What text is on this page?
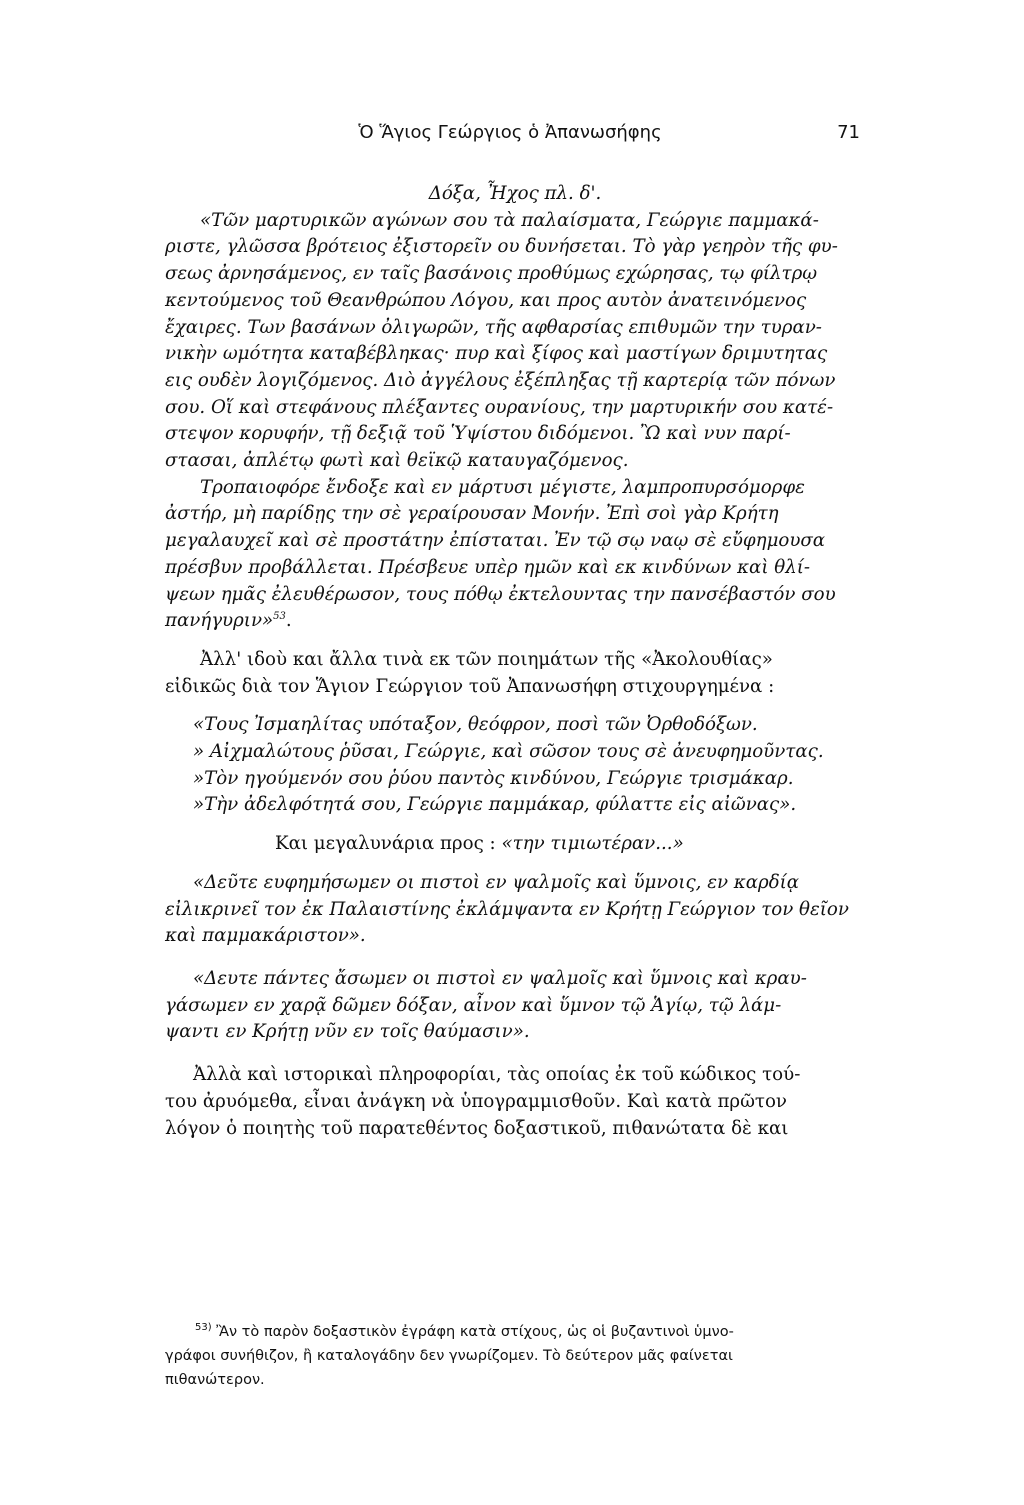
Ὁ Ἅγιος Γεώργιος ὁ Ἀπανωσήφης	71
Δόξα, Ἦχος πλ. δ'.
«Τῶν μαρτυρικῶν αγώνων σου τὰ παλαίσματα, Γεώργιε παμμακά-
ριστε, γλῶσσα βρότειος ἐξιστορεῖν ου δυνήσεται. Τὸ γὰρ γεηρὸν τῆς φυ-
σεως ἀρνησάμενος, εν ταῖς βασάνοις προθύμως εχώρησας, τῳ φίλτρῳ
κεντούμενος τοῦ Θεανθρώπου Λόγου, και προς αυτὸν ἀνατεινόμενος
ἔχαιρες. Των βασάνων ὀλιγωρῶν, τῆς αφθαρσίας επιθυμῶν την τυραν-
νικὴν ωμότητα καταβέβληκας· πυρ καὶ ξίφος καὶ μαστίγων δριμυτητας
εις ουδὲν λογιζόμενος. Διὸ ἀγγέλους ἐξέπληξας τῇ καρτερίᾳ τῶν πόνων
σου. Οἵ καὶ στεφάνους πλέξαντες ουρανίους, την μαρτυρικήν σου κατέ-
στεψον κορυφήν, τῇ δεξιᾷ τοῦ Ὑψίστου διδόμενοι. Ὢ καὶ νυν παρί-
στασαι, ἀπλέτῳ φωτὶ καὶ θεϊκῷ καταυγαζόμενος.
Τροπαιοφόρε ἔνδοξε καὶ εν μάρτυσι μέγιστε, λαμπροπυρσόμορφε
ἀστήρ, μὴ παρίδῃς την σὲ γεραίρουσαν Μονήν. Ἐπὶ σοὶ γὰρ Κρήτη
μεγαλαυχεῖ καὶ σὲ προστάτην ἐπίσταται. Ἐν τῷ σῳ ναῳ σὲ εὔφημουσα
πρέσβυν προβάλλεται. Πρέσβευε υπὲρ ημῶν καὶ εκ κινδύνων καὶ θλί-
ψεων ημᾶς ἐλευθέρωσον, τους πόθῳ ἐκτελουντας την πανσέβαστόν σου
πανήγυριν»$^{53}$.
Ἀλλ' ιδοὺ και ἄλλα τινὰ εκ τῶν ποιημάτων τῆς «Ἀκολουθίας»
εἰδικῶς διὰ τον Ἅγιον Γεώργιον τοῦ Ἀπανωσήφη στιχουργημένα :
«Τους Ἰσμαηλίτας υπόταξον, θεόφρον, ποσὶ τῶν Ὀρθοδόξων.
» Αἰχμαλώτους ῥῦσαι, Γεώργιε, καὶ σῶσον τους σὲ ἀνευφημοῦντας.
»Τὸν ηγούμενόν σου ῥύου παντὸς κινδύνου, Γεώργιε τρισμάκαρ.
»Τὴν ἀδελφότητά σου, Γεώργιε παμμάκαρ, φύλαττε εἰς αἰῶνας».
Και μεγαλυνάρια προς : «την τιμιωτέραν...»
«Δεῦτε ευφημήσωμεν οι πιστοὶ εν ψαλμοῖς καὶ ὕμνοις, εν καρδίᾳ
εἰλικρινεῖ τον ἐκ Παλαιστίνης ἐκλάμψαντα εν Κρήτῃ Γεώργιον τον θεῖον
καὶ παμμακάριστον».
«Δευτε πάντες ἄσωμεν οι πιστοὶ εν ψαλμοῖς καὶ ὕμνοις καὶ κραυ-
γάσωμεν εν χαρᾷ δῶμεν δόξαν, αἶνον καὶ ὕμνον τῷ Ἁγίῳ, τῷ λάμ-
ψαντι εν Κρήτῃ νῦν εν τοῖς θαύμασιν».
Ἀλλὰ καὶ ιστορικαὶ πληροφορίαι, τὰς οποίας ἐκ τοῦ κώδικος τού-
του ἀρυόμεθα, εἶναι ἀνάγκη νὰ ὑπογραμμισθοῦν. Καὶ κατὰ πρῶτον
λόγον ὁ ποιητὴς τοῦ παρατεθέντος δοξαστικοῦ, πιθανώτατα δὲ και
$^{53)}$ Ἂν τὸ παρὸν δοξαστικὸν ἐγράφη κατὰ στίχους, ὡς οἱ βυζαντινοὶ ὑμνο-
γράφοι συνήθιζον, ἢ καταλογάδην δεν γνωρίζομεν. Τὸ δεύτερον μᾶς φαίνεται
πιθανώτερον.
